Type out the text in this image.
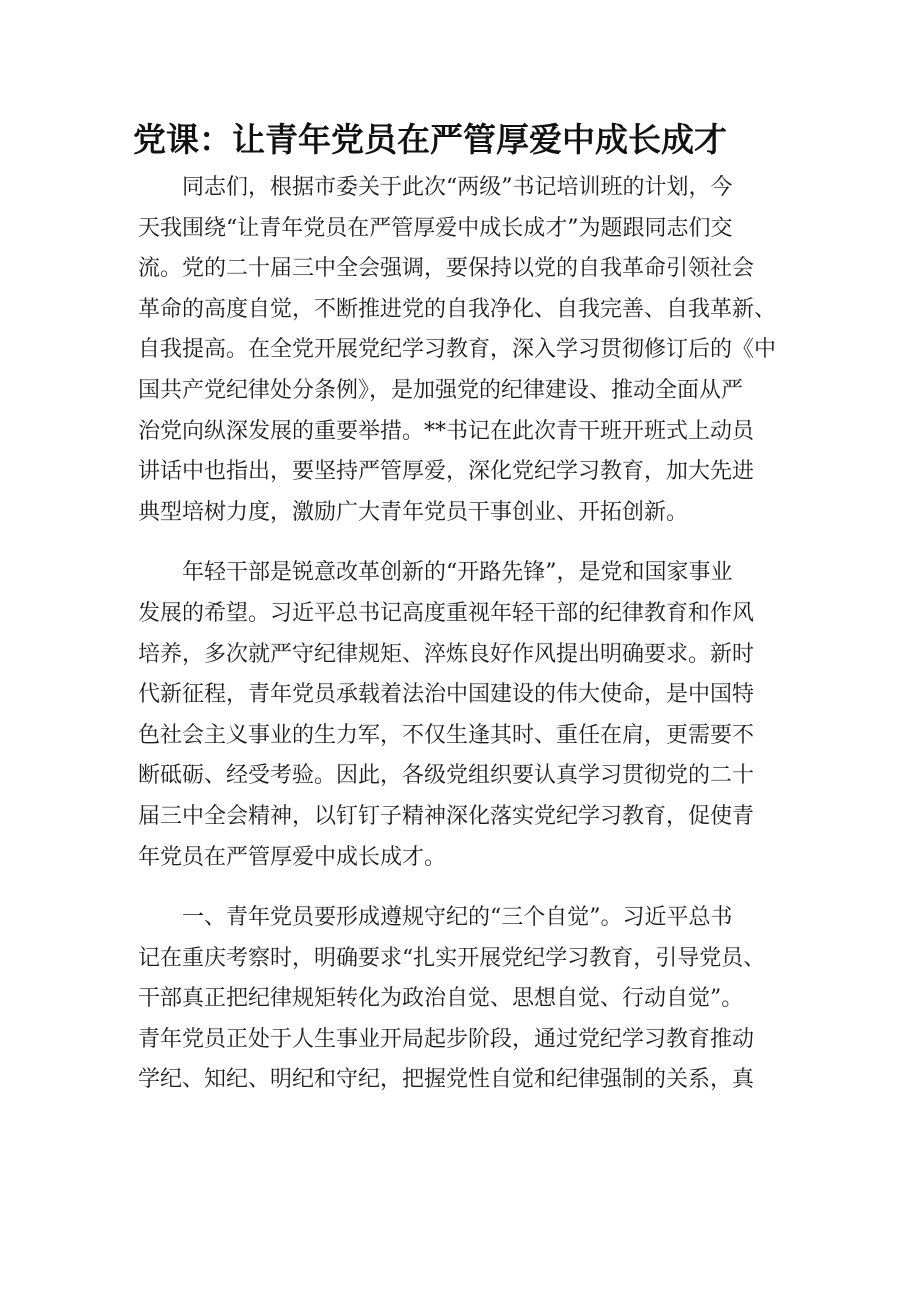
党课：让青年党员在严管厚爱中成长成才

同志们，根据市委关于此次“两级”书记培训班的计划，今
天我围绕“让青年党员在严管厚爱中成长成才”为题跟同志们交
流。党的二十届三中全会强调，要保持以党的自我革命引领社会
革命的高度自觉，不断推进党的自我净化、自我完善、自我革新、
自我提高。在全党开展党纪学习教育，深入学习贯彻修订后的《中
国共产党纪律处分条例》，是加强党的纪律建设、推动全面从严
治党向纵深发展的重要举措。**书记在此次青干班开班式上动员
讲话中也指出，要坚持严管厚爱，深化党纪学习教育，加大先进
典型培树力度，激励广大青年党员干事创业、开拓创新。

年轻干部是锐意改革创新的“开路先锋”，是党和国家事业
发展的希望。习近平总书记高度重视年轻干部的纪律教育和作风
培养，多次就严守纪律规矩、淬炼良好作风提出明确要求。新时
代新征程，青年党员承载着法治中国建设的伟大使命，是中国特
色社会主义事业的生力军，不仅生逢其时、重任在肩，更需要不
断砥砺、经受考验。因此，各级党组织要认真学习贯彻党的二十
届三中全会精神，以钉钉子精神深化落实党纪学习教育，促使青
年党员在严管厚爱中成长成才。

一、青年党员要形成遵规守纪的“三个自觉”。习近平总书
记在重庆考察时，明确要求“扎实开展党纪学习教育，引导党员、
干部真正把纪律规矩转化为政治自觉、思想自觉、行动自觉”。
青年党员正处于人生事业开局起步阶段，通过党纪学习教育推动
学纪、知纪、明纪和守纪，把握党性自觉和纪律强制的关系，真
